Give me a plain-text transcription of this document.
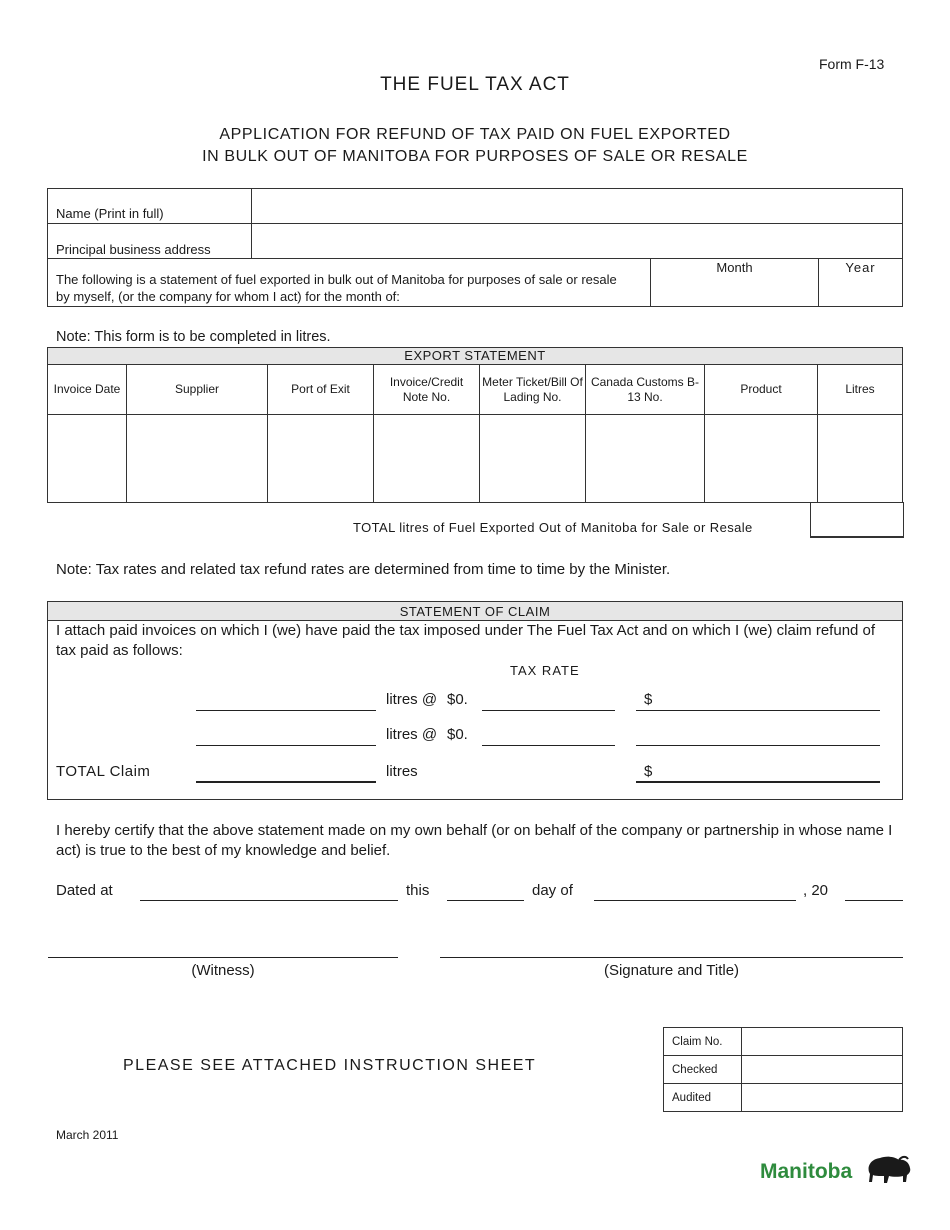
Form F-13
THE FUEL TAX ACT
APPLICATION FOR REFUND OF TAX PAID ON FUEL EXPORTED
IN BULK OUT OF MANITOBA FOR PURPOSES OF SALE OR RESALE
Name (Print in full)	

Principal business address	

The following is a statement of fuel exported in bulk out of Manitoba for purposes of sale or resale by myself, (or the company for whom I act) for the month of:

Month	Year
Note: This form is to be completed in litres.
EXPORT STATEMENT
Invoice Date	Supplier	Port of Exit	Invoice/Credit Note No.	Meter Ticket/Bill Of Lading No.	Canada Customs B-13 No.	Product	Litres

TOTAL litres of Fuel Exported Out of Manitoba for Sale or Resale
Note: Tax rates and related tax refund rates are determined from time to time by the Minister.
STATEMENT OF CLAIM
I attach paid invoices on which I (we) have paid the tax imposed under The Fuel Tax Act and on which I (we) claim refund of tax paid as follows:
TAX RATE
litres @ $0.	$
litres @ $0.
TOTAL Claim	litres	$
I hereby certify that the above statement made on my own behalf (or on behalf of the company or partnership in whose name I act) is true to the best of my knowledge and belief.
Dated at	this	day of	, 20
(Witness)	(Signature and Title)
PLEASE SEE ATTACHED INSTRUCTION SHEET
Claim No.	
Checked	
Audited	
March 2011
Manitoba
